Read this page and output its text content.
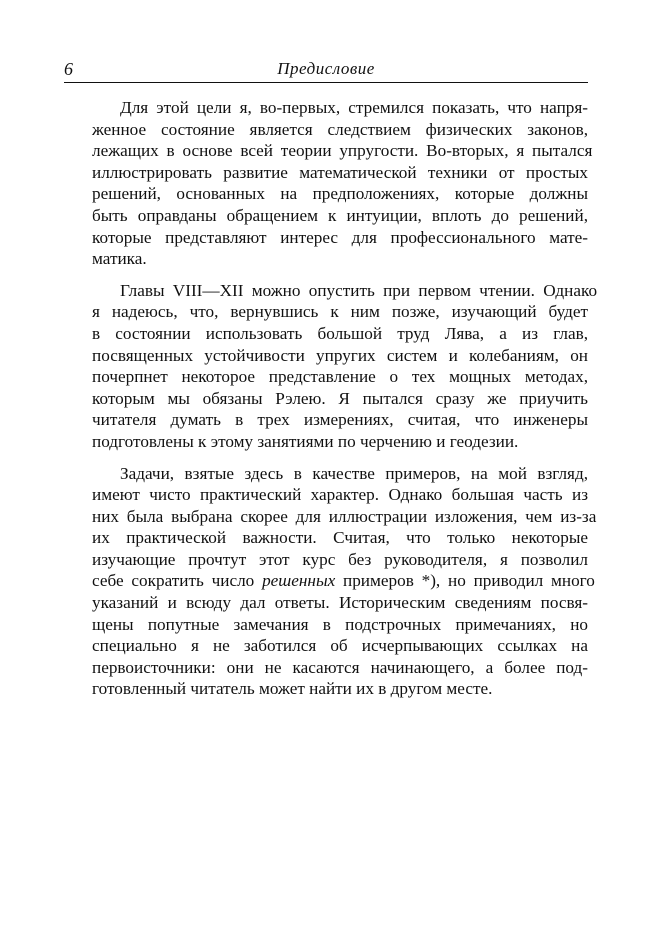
6	Предисловие
Для этой цели я, во-первых, стремился показать, что напря-
женное состояние является следствием физических законов,
лежащих в основе всей теории упругости. Во-вторых, я пытался
иллюстрировать развитие математической техники от простых
решений, основанных на предположениях, которые должны
быть оправданы обращением к интуиции, вплоть до решений,
которые представляют интерес для профессионального мате-
матика.
Главы VIII—XII можно опустить при первом чтении. Однако
я надеюсь, что, вернувшись к ним позже, изучающий будет
в состоянии использовать большой труд Лява, а из глав,
посвященных устойчивости упругих систем и колебаниям, он
почерпнет некоторое представление о тех мощных методах,
которым мы обязаны Рэлею. Я пытался сразу же приучить
читателя думать в трех измерениях, считая, что инженеры
подготовлены к этому занятиями по черчению и геодезии.
Задачи, взятые здесь в качестве примеров, на мой взгляд,
имеют чисто практический характер. Однако большая часть из
них была выбрана скорее для иллюстрации изложения, чем из-за
их практической важности. Считая, что только некоторые
изучающие прочтут этот курс без руководителя, я позволил
себе сократить число решенных примеров *), но приводил много
указаний и всюду дал ответы. Историческим сведениям посвя-
щены попутные замечания в подстрочных примечаниях, но
специально я не заботился об исчерпывающих ссылках на
первоисточники: они не касаются начинающего, а более под-
готовленный читатель может найти их в другом месте.
